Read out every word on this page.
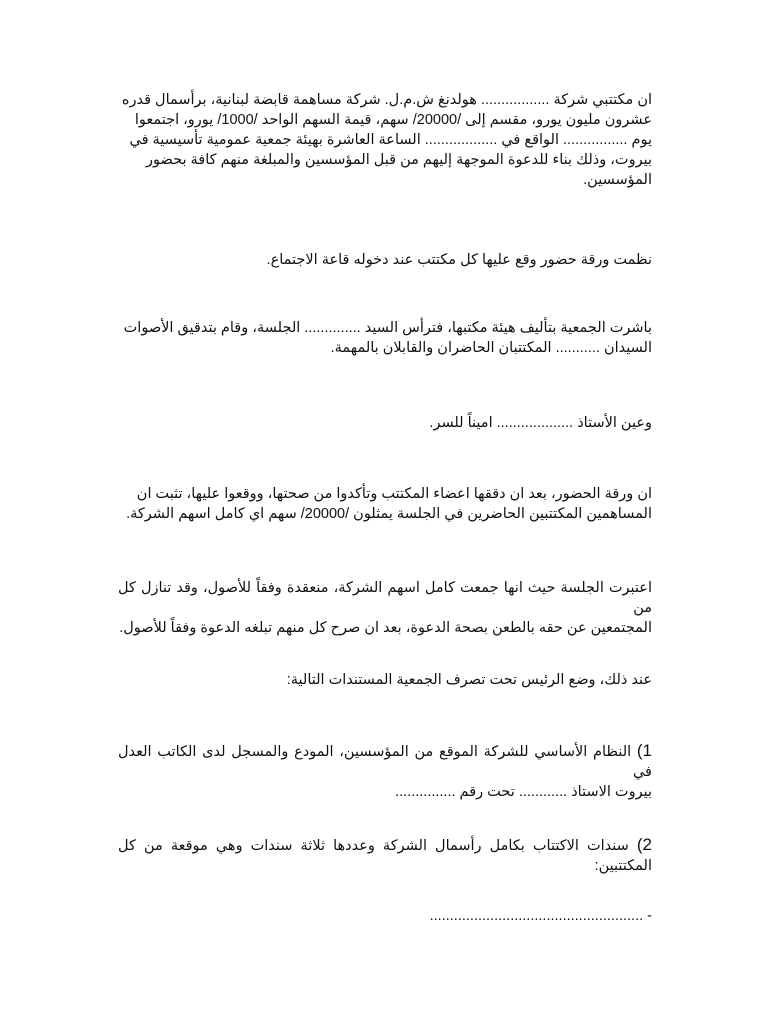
ان مكتتبي شركة ................. هولدنغ ش.م.ل. شركة مساهمة قابضة لبنانية، برأسمال قدره
عشرون مليون يورو، مقسم إلى /20000/ سهم، قيمة السهم الواحد /1000/ يورو، اجتمعوا
يوم ................ الواقع في .................. الساعة العاشرة بهيئة جمعية عمومية تأسيسية في
بيروت، وذلك بناء للدعوة الموجهة إليهم من قبل المؤسسين والمبلغة منهم كافة بحضور
المؤسسين.

نظمت ورقة حضور وقع عليها كل مكتتب عند دخوله قاعة الاجتماع.

باشرت الجمعية بتأليف هيئة مكتبها، فترأس السيد .............. الجلسة، وقام بتدقيق الأصوات
السيدان ........... المكتتبان الحاضران والقابلان بالمهمة.

وعين الأستاذ ................... اميناً للسر.

ان ورقة الحضور، بعد ان دققها اعضاء المكتتب وتأكدوا من صحتها، ووقعوا عليها، تثبت ان
المساهمين المكتتبين الحاضرين في الجلسة يمثلون /20000/ سهم اي كامل اسهم الشركة.

اعتبرت الجلسة حيث انها جمعت كامل اسهم الشركة، منعقدة وفقاً للأصول، وقد تنازل كل من
المجتمعين عن حقه بالطعن بصحة الدعوة، بعد ان صرح كل منهم تبلغه الدعوة وفقاً للأصول.

عند ذلك، وضع الرئيس تحت تصرف الجمعية المستندات التالية:

1) النظام الأساسي للشركة الموقع من المؤسسين، المودع والمسجل لدى الكاتب العدل في
بيروت الاستاذ ............ تحت رقم ...............

2) سندات الاكتتاب بكامل رأسمال الشركة وعددها ثلاثة سندات وهي موقعة من كل المكتتبين:

- .....................................................
